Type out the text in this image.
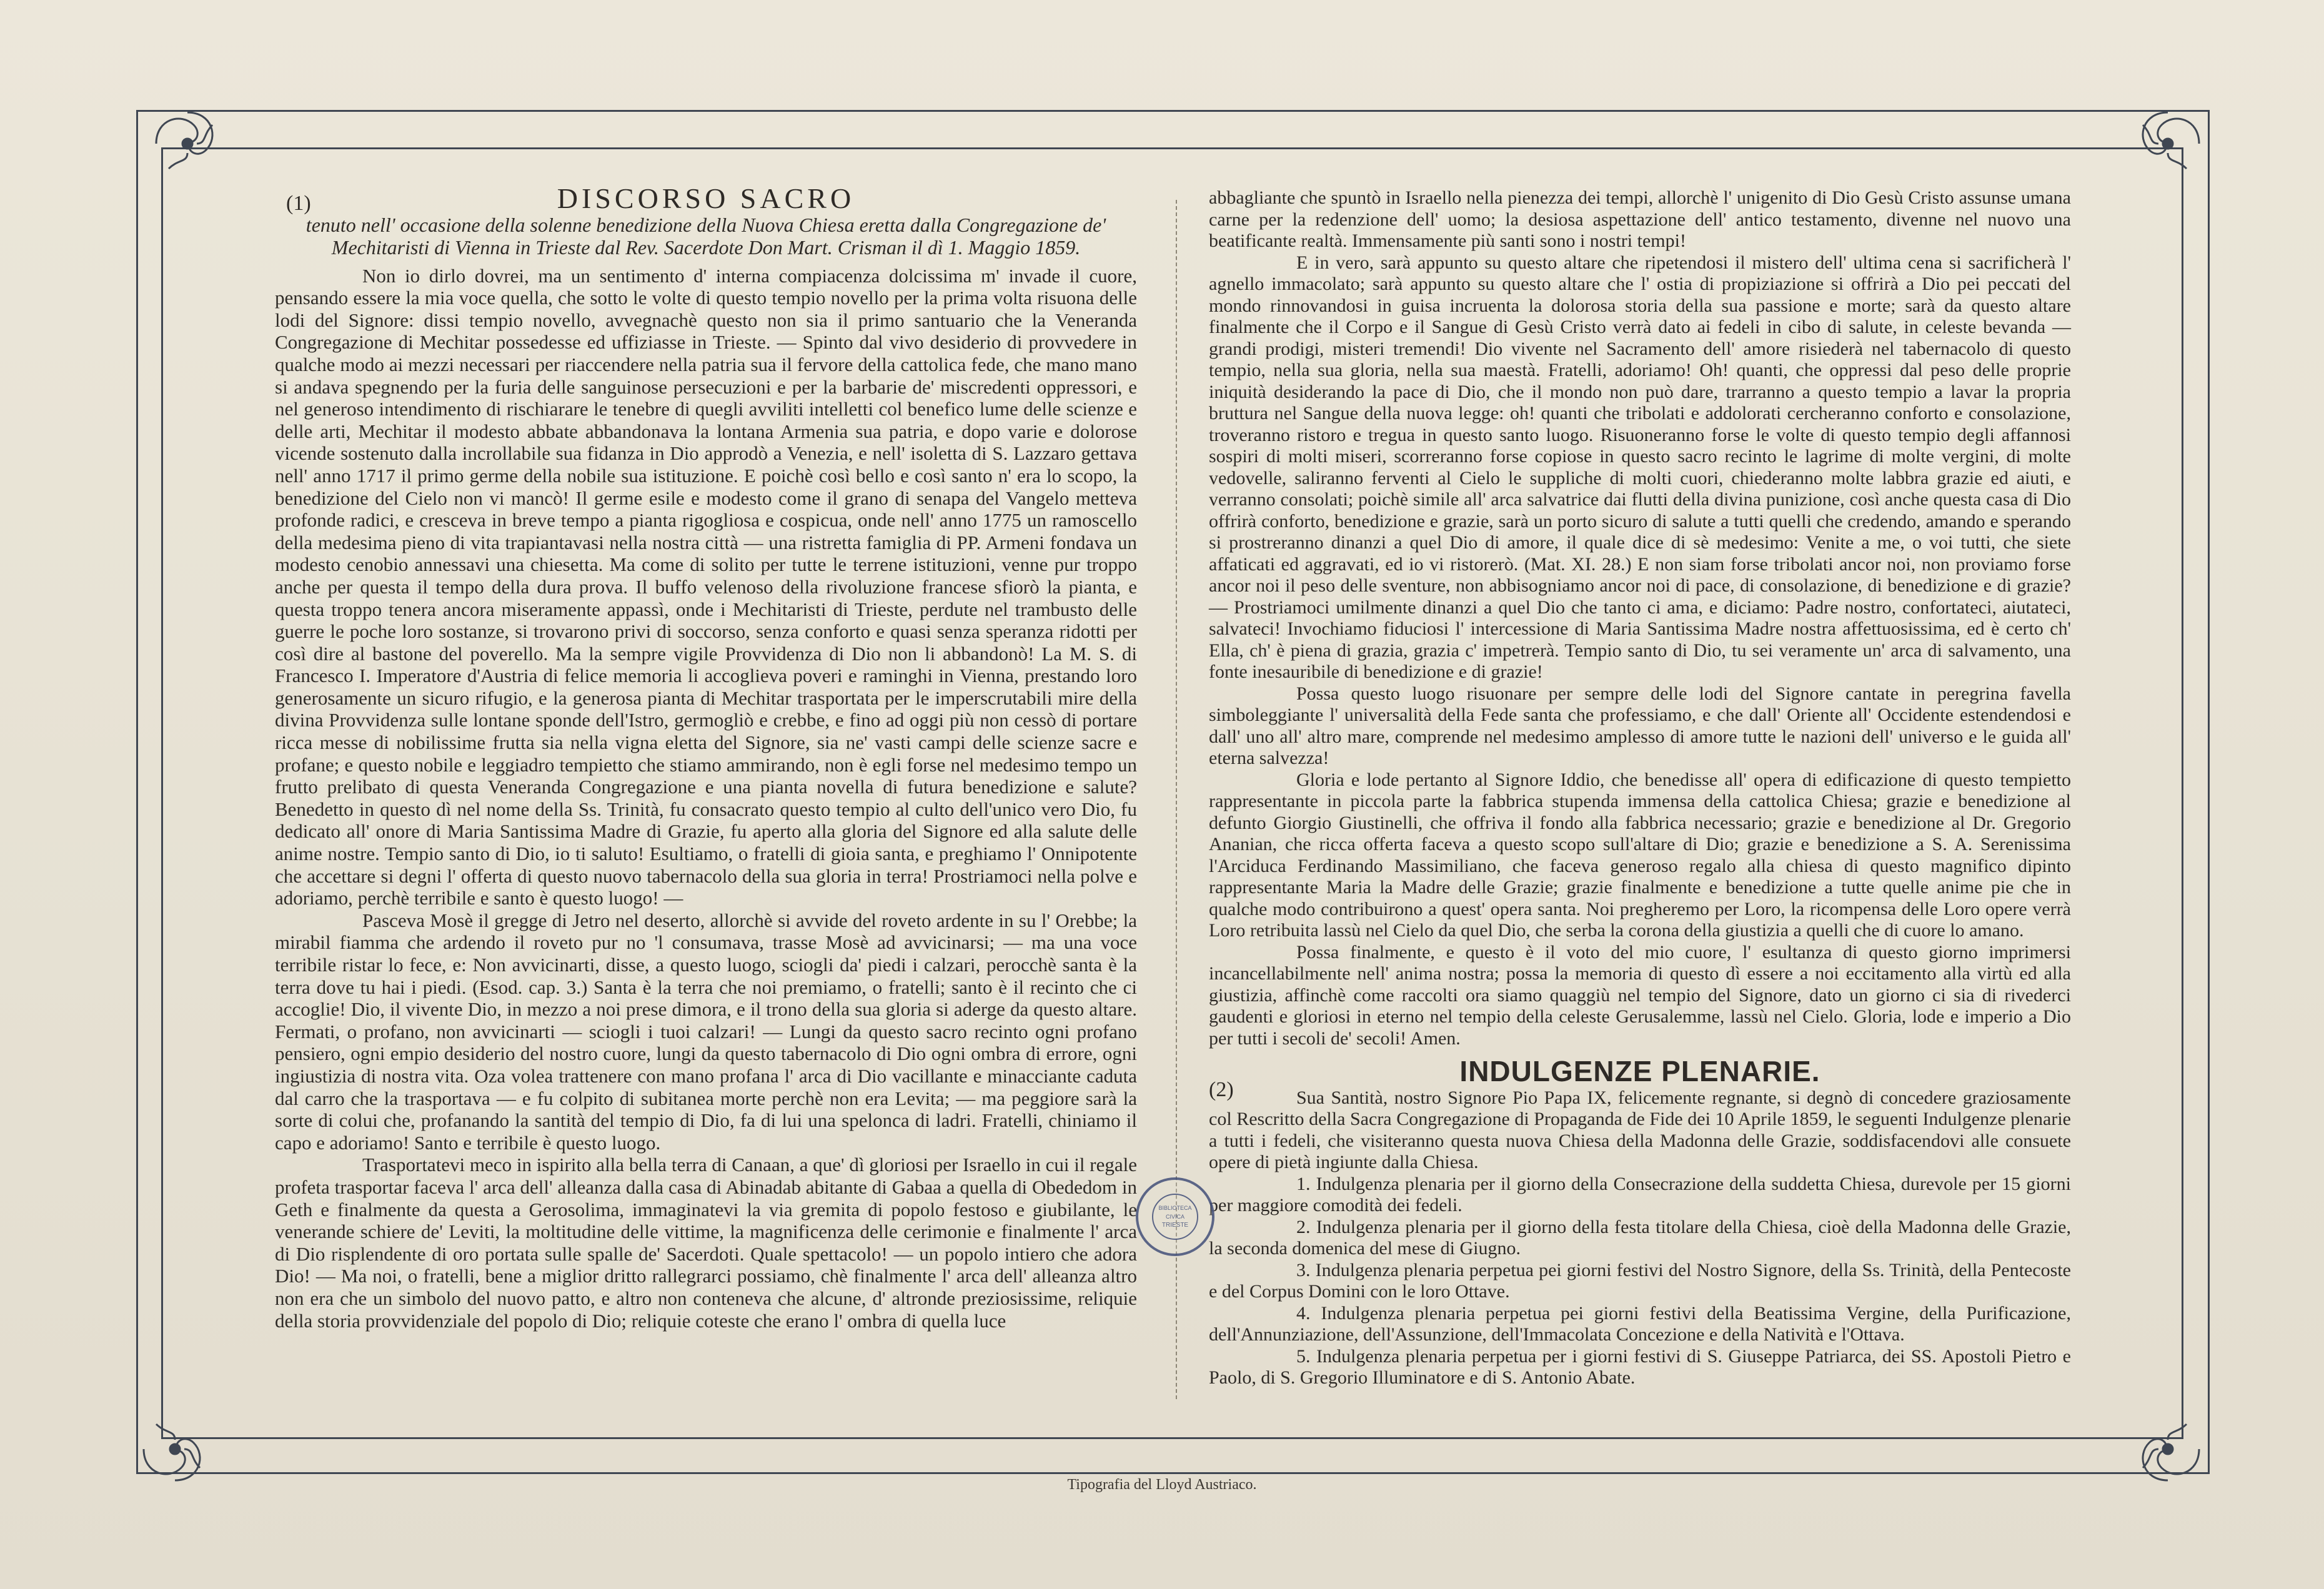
(1)	DISCORSO SACRO

tenuto nell' occasione della solenne benedizione della Nuova Chiesa eretta dalla Congregazione de' Mechitaristi di Vienna in Trieste dal Rev. Sacerdote Don Mart. Crisman il dì 1. Maggio 1859.

Non io dirlo dovrei, ma un sentimento d' interna compiacenza dolcissima m' invade il cuore, pensando essere la mia voce quella, che sotto le volte di questo tempio novello per la prima volta risuona delle lodi del Signore: dissi tempio novello, avvegnachè questo non sia il primo santuario che la Veneranda Congregazione di Mechitar possedesse ed uffiziasse in Trieste. — Spinto dal vivo desiderio di provvedere in qualche modo ai mezzi necessari per riaccendere nella patria sua il fervore della cattolica fede, che mano mano si andava spegnendo per la furia delle sanguinose persecuzioni e per la barbarie de' miscredenti oppressori, e nel generoso intendimento di rischiarare le tenebre di quegli avviliti intelletti col benefico lume delle scienze e delle arti, Mechitar il modesto abbate abbandonava la lontana Armenia sua patria, e dopo varie e dolorose vicende sostenuto dalla incrollabile sua fidanza in Dio approdò a Venezia, e nell' isoletta di S. Lazzaro gettava nell' anno 1717 il primo germe della nobile sua istituzione. E poichè così bello e così santo n' era lo scopo, la benedizione del Cielo non vi mancò! Il germe esile e modesto come il grano di senapa del Vangelo metteva profonde radici, e cresceva in breve tempo a pianta rigogliosa e cospicua, onde nell' anno 1775 un ramoscello della medesima pieno di vita trapiantavasi nella nostra città — una ristretta famiglia di PP. Armeni fondava un modesto cenobio annessavi una chiesetta. Ma come di solito per tutte le terrene istituzioni, venne pur troppo anche per questa il tempo della dura prova. Il buffo velenoso della rivoluzione francese sfiorò la pianta, e questa troppo tenera ancora miseramente appassì, onde i Mechitaristi di Trieste, perdute nel trambusto delle guerre le poche loro sostanze, si trovarono privi di soccorso, senza conforto e quasi senza speranza ridotti per così dire al bastone del poverello. Ma la sempre vigile Provvidenza di Dio non li abbandonò! La M. S. di Francesco I. Imperatore d'Austria di felice memoria li accoglieva poveri e raminghi in Vienna, prestando loro generosamente un sicuro rifugio, e la generosa pianta di Mechitar trasportata per le imperscrutabili mire della divina Provvidenza sulle lontane sponde dell'Istro, germogliò e crebbe, e fino ad oggi più non cessò di portare ricca messe di nobilissime frutta sia nella vigna eletta del Signore, sia ne' vasti campi delle scienze sacre e profane; e questo nobile e leggiadro tempietto che stiamo ammirando, non è egli forse nel medesimo tempo un frutto prelibato di questa Veneranda Congregazione e una pianta novella di futura benedizione e salute? Benedetto in questo dì nel nome della Ss. Trinità, fu consacrato questo tempio al culto dell'unico vero Dio, fu dedicato all' onore di Maria Santissima Madre di Grazie, fu aperto alla gloria del Signore ed alla salute delle anime nostre. Tempio santo di Dio, io ti saluto! Esultiamo, o fratelli di gioia santa, e preghiamo l' Onnipotente che accettare si degni l' offerta di questo nuovo tabernacolo della sua gloria in terra! Prostriamoci nella polve e adoriamo, perchè terribile e santo è questo luogo! —

Pasceva Mosè il gregge di Jetro nel deserto, allorchè si avvide del roveto ardente in su l' Orebbe; la mirabil fiamma che ardendo il roveto pur no 'l consumava, trasse Mosè ad avvicinarsi; — ma una voce terribile ristar lo fece, e: Non avvicinarti, disse, a questo luogo, sciogli da' piedi i calzari, perocchè santa è la terra dove tu hai i piedi. (Esod. cap. 3.) Santa è la terra che noi premiamo, o fratelli; santo è il recinto che ci accoglie! Dio, il vivente Dio, in mezzo a noi prese dimora, e il trono della sua gloria si aderge da questo altare. Fermati, o profano, non avvicinarti — sciogli i tuoi calzari! — Lungi da questo sacro recinto ogni profano pensiero, ogni empio desiderio del nostro cuore, lungi da questo tabernacolo di Dio ogni ombra di errore, ogni ingiustizia di nostra vita. Oza volea trattenere con mano profana l' arca di Dio vacillante e minacciante caduta dal carro che la trasportava — e fu colpito di subitanea morte perchè non era Levita; — ma peggiore sarà la sorte di colui che, profanando la santità del tempio di Dio, fa di lui una spelonca di ladri. Fratelli, chiniamo il capo e adoriamo! Santo e terribile è questo luogo.

Trasportatevi meco in ispirito alla bella terra di Canaan, a que' dì gloriosi per Israello in cui il regale profeta trasportar faceva l' arca dell' alleanza dalla casa di Abinadab abitante di Gabaa a quella di Obededom in Geth e finalmente da questa a Gerosolima, immaginatevi la via gremita di popolo festoso e giubilante, le venerande schiere de' Leviti, la moltitudine delle vittime, la magnificenza delle cerimonie e finalmente l' arca di Dio risplendente di oro portata sulle spalle de' Sacerdoti. Quale spettacolo! — un popolo intiero che adora Dio! — Ma noi, o fratelli, bene a miglior dritto rallegrarci possiamo, chè finalmente l' arca dell' alleanza altro non era che un simbolo del nuovo patto, e altro non conteneva che alcune, d' altronde preziosissime, reliquie della storia provvidenziale del popolo di Dio; reliquie coteste che erano l' ombra di quella luce

abbagliante che spuntò in Israello nella pienezza dei tempi, allorchè l' unigenito di Dio Gesù Cristo assunse umana carne per la redenzione dell' uomo; la desiosa aspettazione dell' antico testamento, divenne nel nuovo una beatificante realtà. Immensamente più santi sono i nostri tempi!

E in vero, sarà appunto su questo altare che ripetendosi il mistero dell' ultima cena si sacrificherà l' agnello immacolato; sarà appunto su questo altare che l' ostia di propiziazione si offrirà a Dio pei peccati del mondo rinnovandosi in guisa incruenta la dolorosa storia della sua passione e morte; sarà da questo altare finalmente che il Corpo e il Sangue di Gesù Cristo verrà dato ai fedeli in cibo di salute, in celeste bevanda — grandi prodigi, misteri tremendi! Dio vivente nel Sacramento dell' amore risiederà nel tabernacolo di questo tempio, nella sua gloria, nella sua maestà. Fratelli, adoriamo! Oh! quanti, che oppressi dal peso delle proprie iniquità desiderando la pace di Dio, che il mondo non può dare, trarranno a questo tempio a lavar la propria bruttura nel Sangue della nuova legge: oh! quanti che tribolati e addolorati cercheranno conforto e consolazione, troveranno ristoro e tregua in questo santo luogo. Risuoneranno forse le volte di questo tempio degli affannosi sospiri di molti miseri, scorreranno forse copiose in questo sacro recinto le lagrime di molte vergini, di molte vedovelle, saliranno ferventi al Cielo le suppliche di molti cuori, chiederanno molte labbra grazie ed aiuti, e verranno consolati; poichè simile all' arca salvatrice dai flutti della divina punizione, così anche questa casa di Dio offrirà conforto, benedizione e grazie, sarà un porto sicuro di salute a tutti quelli che credendo, amando e sperando si prostreranno dinanzi a quel Dio di amore, il quale dice di sè medesimo: Venite a me, o voi tutti, che siete affaticati ed aggravati, ed io vi ristorerò. (Mat. XI. 28.) E non siam forse tribolati ancor noi, non proviamo forse ancor noi il peso delle sventure, non abbisogniamo ancor noi di pace, di consolazione, di benedizione e di grazie? — Prostriamoci umilmente dinanzi a quel Dio che tanto ci ama, e diciamo: Padre nostro, confortateci, aiutateci, salvateci! Invochiamo fiduciosi l' intercessione di Maria Santissima Madre nostra affettuosissima, ed è certo ch' Ella, ch' è piena di grazia, grazia c' impetrerà. Tempio santo di Dio, tu sei veramente un' arca di salvamento, una fonte inesauribile di benedizione e di grazie!

Possa questo luogo risuonare per sempre delle lodi del Signore cantate in peregrina favella simboleggiante l' universalità della Fede santa che professiamo, e che dall' Oriente all' Occidente estendendosi e dall' uno all' altro mare, comprende nel medesimo amplesso di amore tutte le nazioni dell' universo e le guida all' eterna salvezza!

Gloria e lode pertanto al Signore Iddio, che benedisse all' opera di edificazione di questo tempietto rappresentante in piccola parte la fabbrica stupenda immensa della cattolica Chiesa; grazie e benedizione al defunto Giorgio Giustinelli, che offriva il fondo alla fabbrica necessario; grazie e benedizione al Dr. Gregorio Ananian, che ricca offerta faceva a questo scopo sull'altare di Dio; grazie e benedizione a S. A. Serenissima l'Arciduca Ferdinando Massimiliano, che faceva generoso regalo alla chiesa di questo magnifico dipinto rappresentante Maria la Madre delle Grazie; grazie finalmente e benedizione a tutte quelle anime pie che in qualche modo contribuirono a quest' opera santa. Noi pregheremo per Loro, la ricompensa delle Loro opere verrà Loro retribuita lassù nel Cielo da quel Dio, che serba la corona della giustizia a quelli che di cuore lo amano.

Possa finalmente, e questo è il voto del mio cuore, l' esultanza di questo giorno imprimersi incancellabilmente nell' anima nostra; possa la memoria di questo dì essere a noi eccitamento alla virtù ed alla giustizia, affinchè come raccolti ora siamo quaggiù nel tempio del Signore, dato un giorno ci sia di rivederci gaudenti e gloriosi in eterno nel tempio della celeste Gerusalemme, lassù nel Cielo. Gloria, lode e imperio a Dio per tutti i secoli de' secoli! Amen.

(2)
INDULGENZE PLENARIE.

Sua Santità, nostro Signore Pio Papa IX, felicemente regnante, si degnò di concedere graziosamente col Rescritto della Sacra Congregazione di Propaganda de Fide dei 10 Aprile 1859, le seguenti Indulgenze plenarie a tutti i fedeli, che visiteranno questa nuova Chiesa della Madonna delle Grazie, soddisfacendovi alle consuete opere di pietà ingiunte dalla Chiesa.

1. Indulgenza plenaria per il giorno della Consecrazione della suddetta Chiesa, durevole per 15 giorni per maggiore comodità dei fedeli.

2. Indulgenza plenaria per il giorno della festa titolare della Chiesa, cioè della Madonna delle Grazie, la seconda domenica del mese di Giugno.

3. Indulgenza plenaria perpetua pei giorni festivi del Nostro Signore, della Ss. Trinità, della Pentecoste e del Corpus Domini con le loro Ottave.

4. Indulgenza plenaria perpetua pei giorni festivi della Beatissima Vergine, della Purificazione, dell'Annunziazione, dell'Assunzione, dell'Immacolata Concezione e della Natività e l'Ottava.

5. Indulgenza plenaria perpetua per i giorni festivi di S. Giuseppe Patriarca, dei SS. Apostoli Pietro e Paolo, di S. Gregorio Illuminatore e di S. Antonio Abate.

BIBLIOTECA CIVICA
TRIESTE
Tipografia del Lloyd Austriaco.
